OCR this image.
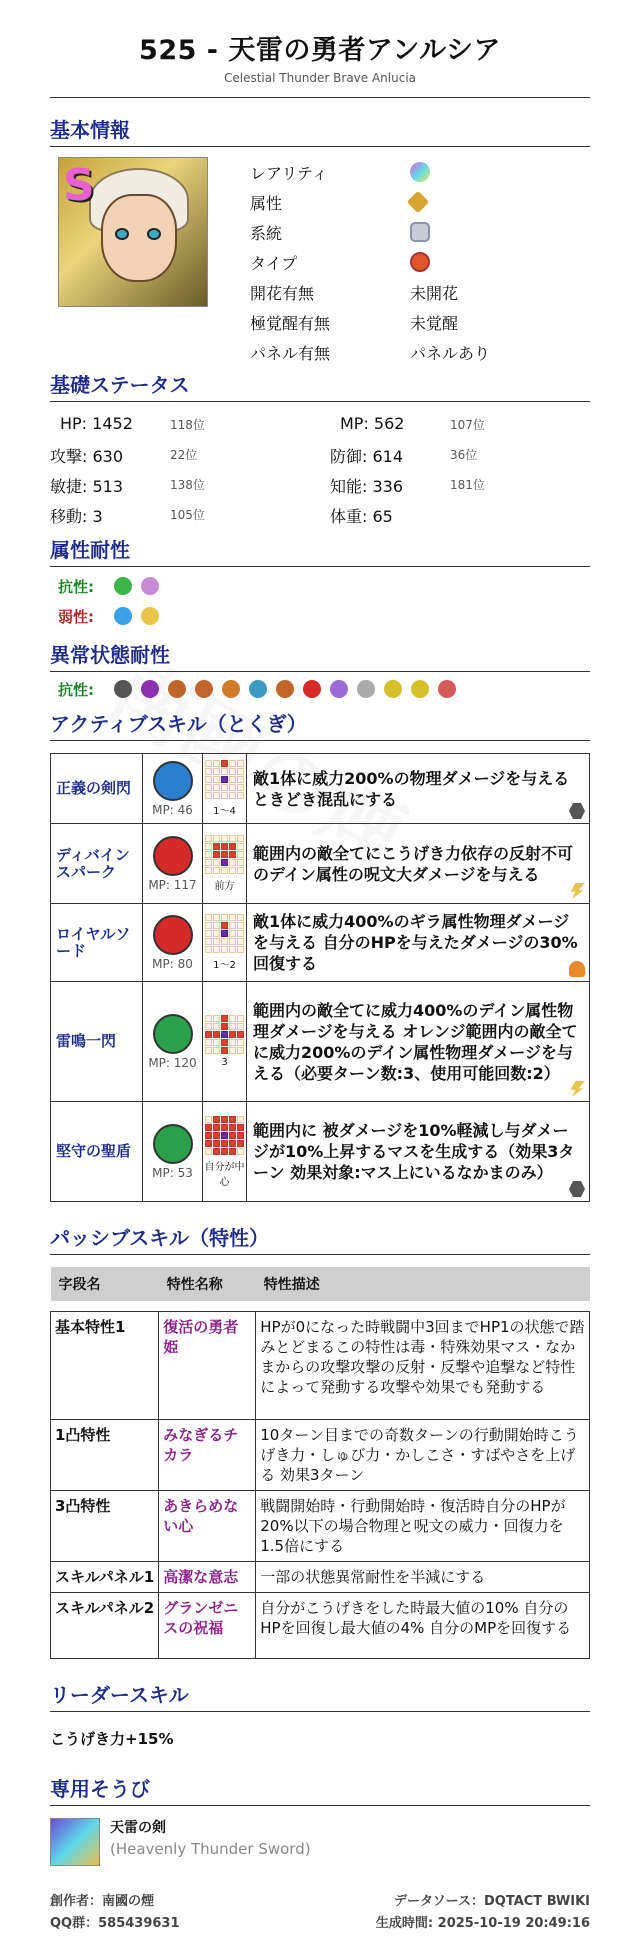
525 - 天雷の勇者アンルシア
Celestial Thunder Brave Anlucia
基本情報
S	レアリティ
属性
系統
タイプ
開花有無	未開花
極覚醒有無	未覚醒
パネル有無	パネルあり
基礎ステータス
HP: 1452	118位	MP: 562	107位
攻撃: 630	22位	防御: 614	36位
敏捷: 513	138位	知能: 336	181位
移動: 3	105位	体重: 65
属性耐性
抗性:
弱性:
異常状態耐性
抗性:
アクティブスキル（とくぎ）
正義の剣閃	MP: 46	1～4	敵1体に威力200%の物理ダメージを与える ときどき混乱にする

ディバインスパーク	MP: 117	前方	範囲内の敵全てにこうげき力依存の反射不可のデイン属性の呪文大ダメージを与える

ロイヤルソード	MP: 80	1～2	敵1体に威力400%のギラ属性物理ダメージを与える 自分のHPを与えたダメージの30%回復する

雷鳴一閃	MP: 120	3	範囲内の敵全てに威力400%のデイン属性物理ダメージを与える オレンジ範囲内の敵全てに威力200%のデイン属性物理ダメージを与える（必要ターン数:3、使用可能回数:2）

堅守の聖盾	MP: 53	自分が中心	範囲内に 被ダメージを10%軽減し与ダメージが10%上昇するマスを生成する（効果3ターン 効果対象:マス上にいるなかまのみ）
パッシブスキル（特性）
字段名	特性名称	特性描述

基本特性1	復活の勇者姫	HPが0になった時戦闘中3回までHP1の状態で踏みとどまるこの特性は毒・特殊効果マス・なかまからの攻撃攻撃の反射・反撃や追撃など特性によって発動する攻撃や効果でも発動する
1凸特性	みなぎるチカラ	10ターン目までの奇数ターンの行動開始時こうげき力・しゅび力・かしこさ・すばやさを上げる 効果3ターン
3凸特性	あきらめない心	戦闘開始時・行動開始時・復活時自分のHPが20%以下の場合物理と呪文の威力・回復力を1.5倍にする
スキルパネル1	高潔な意志	一部の状態異常耐性を半減にする
スキルパネル2	グランゼニスの祝福	自分がこうげきをした時最大値の10% 自分のHPを回復し最大値の4% 自分のMPを回復する
リーダースキル
こうげき力+15%
専用そうび
天雷の剣
(Heavenly Thunder Sword)
創作者：南國の煙
QQ群：585439631
データソース：DQTACT BWIKI
生成時間: 2025-10-19 20:49:16
